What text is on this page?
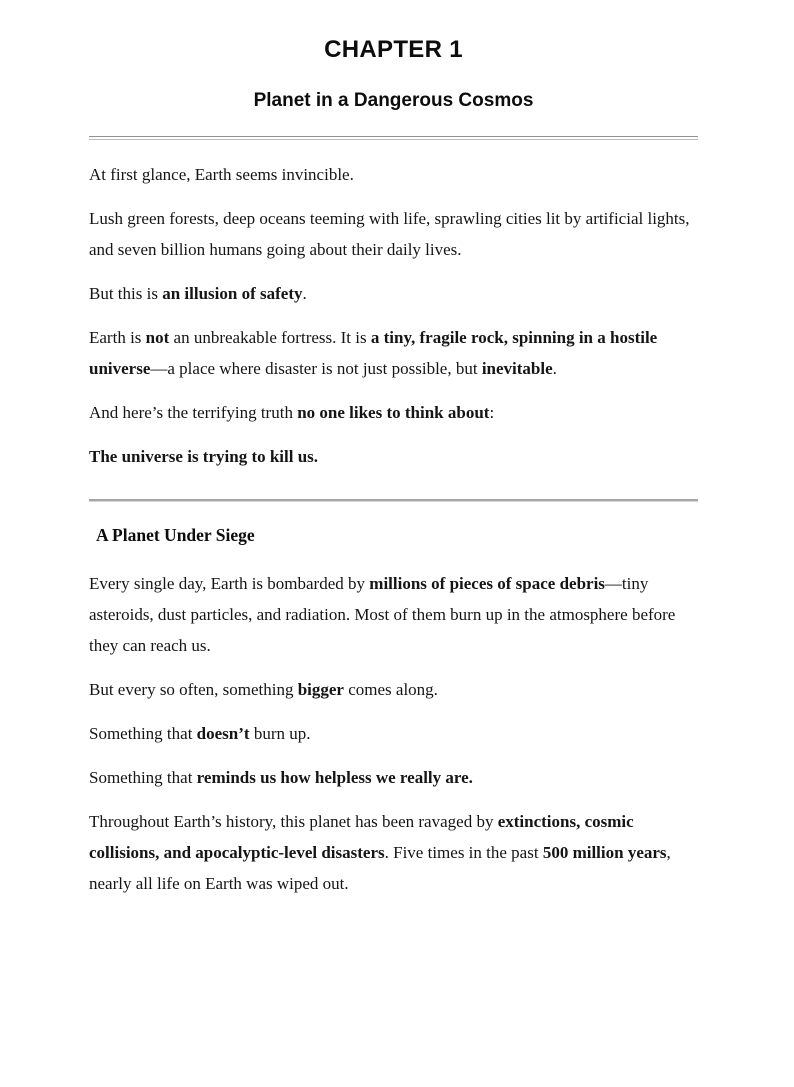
CHAPTER 1
Planet in a Dangerous Cosmos

At first glance, Earth seems invincible.

Lush green forests, deep oceans teeming with life, sprawling cities lit by artificial lights, and seven billion humans going about their daily lives.

But this is an illusion of safety.

Earth is not an unbreakable fortress. It is a tiny, fragile rock, spinning in a hostile universe—a place where disaster is not just possible, but inevitable.

And here’s the terrifying truth no one likes to think about:

The universe is trying to kill us.

A Planet Under Siege

Every single day, Earth is bombarded by millions of pieces of space debris—tiny asteroids, dust particles, and radiation. Most of them burn up in the atmosphere before they can reach us.

But every so often, something bigger comes along.

Something that doesn’t burn up.

Something that reminds us how helpless we really are.

Throughout Earth’s history, this planet has been ravaged by extinctions, cosmic collisions, and apocalyptic-level disasters. Five times in the past 500 million years, nearly all life on Earth was wiped out.
